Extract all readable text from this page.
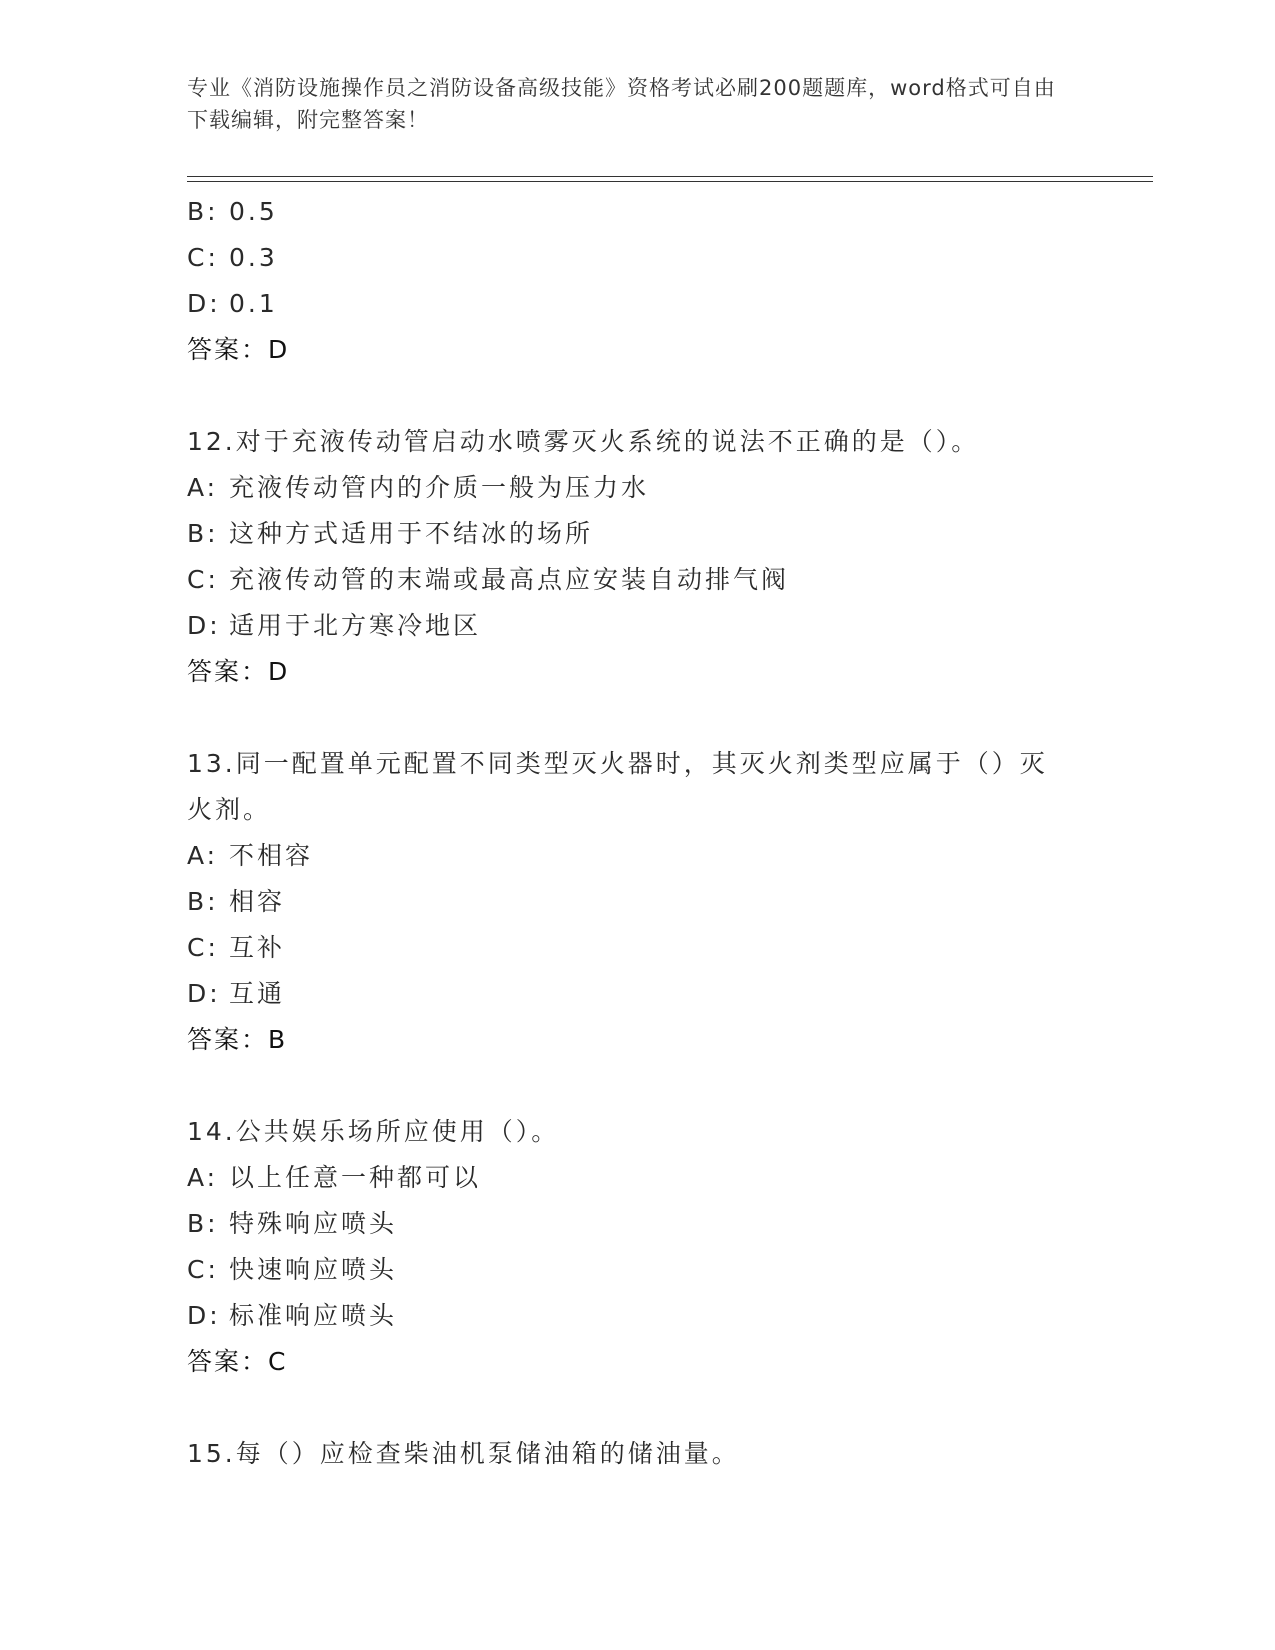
专业《消防设施操作员之消防设备高级技能》资格考试必刷200题题库，word格式可自由下载编辑，附完整答案！
B: 0.5
C: 0.3
D: 0.1
答案：D
12.对于充液传动管启动水喷雾灭火系统的说法不正确的是（）。
A: 充液传动管内的介质一般为压力水
B: 这种方式适用于不结冰的场所
C: 充液传动管的末端或最高点应安装自动排气阀
D: 适用于北方寒冷地区
答案：D
13.同一配置单元配置不同类型灭火器时，其灭火剂类型应属于（）灭火剂。
A: 不相容
B: 相容
C: 互补
D: 互通
答案：B
14.公共娱乐场所应使用（）。
A: 以上任意一种都可以
B: 特殊响应喷头
C: 快速响应喷头
D: 标准响应喷头
答案：C
15.每（）应检查柴油机泵储油箱的储油量。
